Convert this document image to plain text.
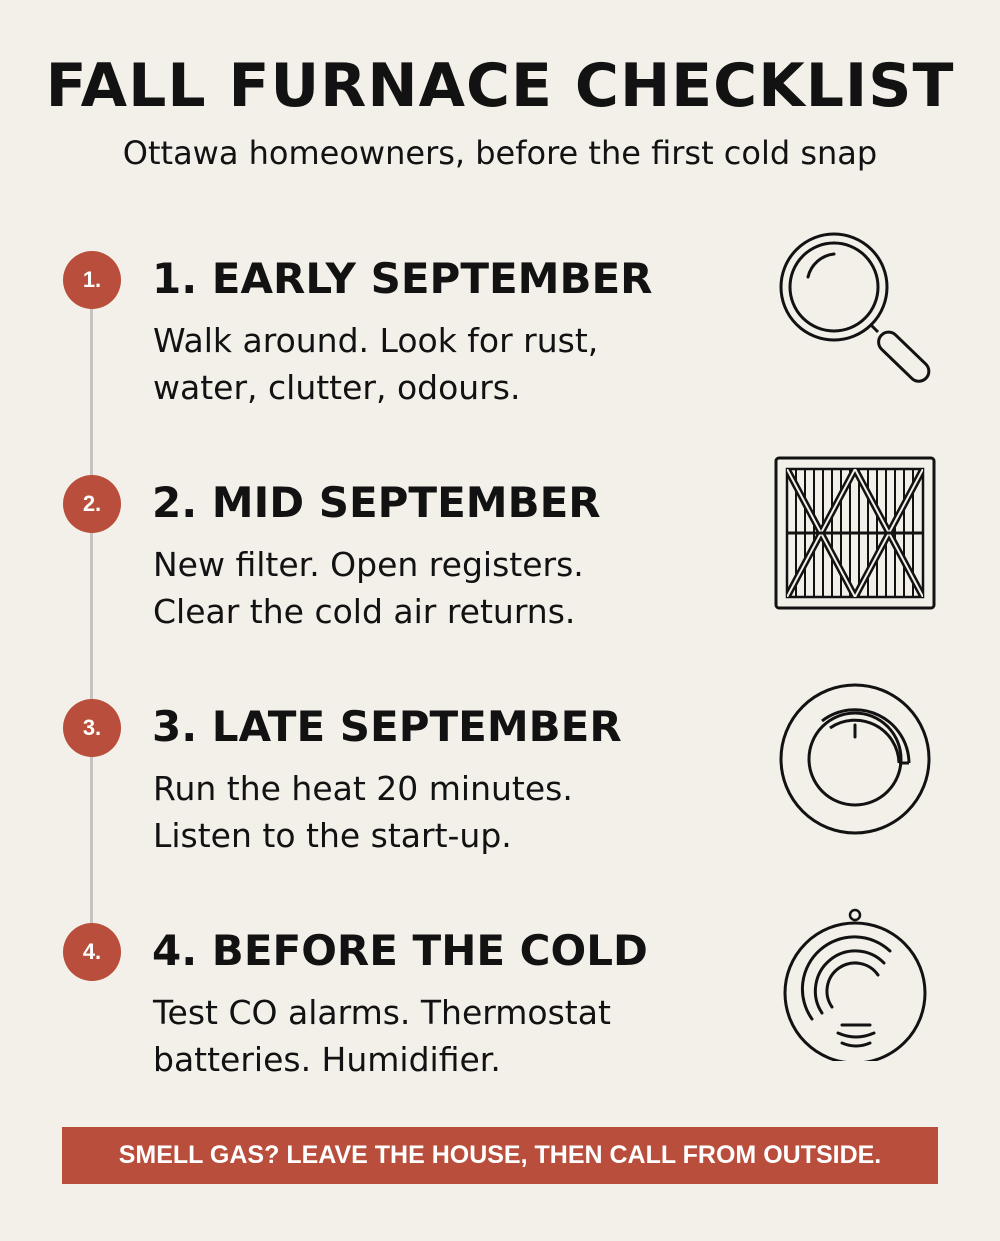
FALL FURNACE CHECKLIST
Ottawa homeowners, before the first cold snap
1.	1. EARLY SEPTEMBER
Walk around. Look for rust,
water, clutter, odours.
2.	2. MID SEPTEMBER
New filter. Open registers.
Clear the cold air returns.
3.	3. LATE SEPTEMBER
Run the heat 20 minutes.
Listen to the start-up.
4.	4. BEFORE THE COLD
Test CO alarms. Thermostat
batteries. Humidifier.
SMELL GAS? LEAVE THE HOUSE, THEN CALL FROM OUTSIDE.
